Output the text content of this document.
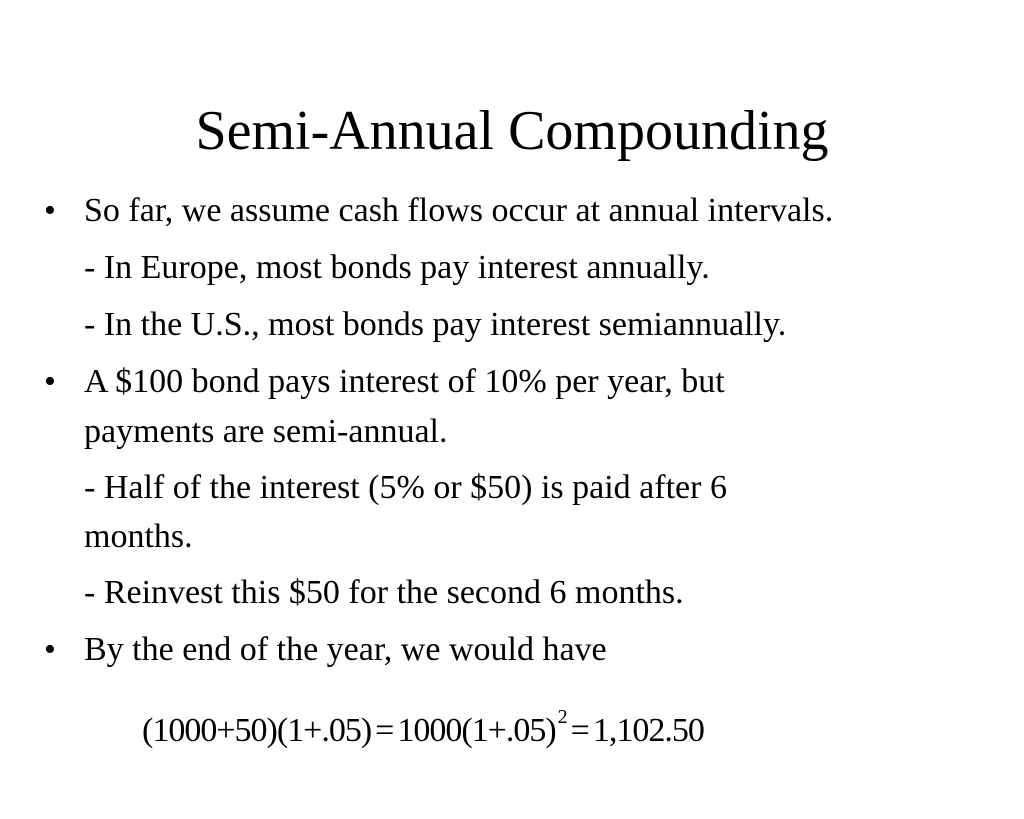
Semi-Annual Compounding
• So far, we assume cash flows occur at annual intervals.
- In Europe, most bonds pay interest annually.
- In the U.S., most bonds pay interest semiannually.
• A $100 bond pays interest of 10% per year, but
payments are semi-annual.
- Half of the interest (5% or $50) is paid after 6
months.
- Reinvest this $50 for the second 6 months.
• By the end of the year, we would have
(1000+50)(1+.05) = 1000(1+.05) $^2$ = 1,102.50
